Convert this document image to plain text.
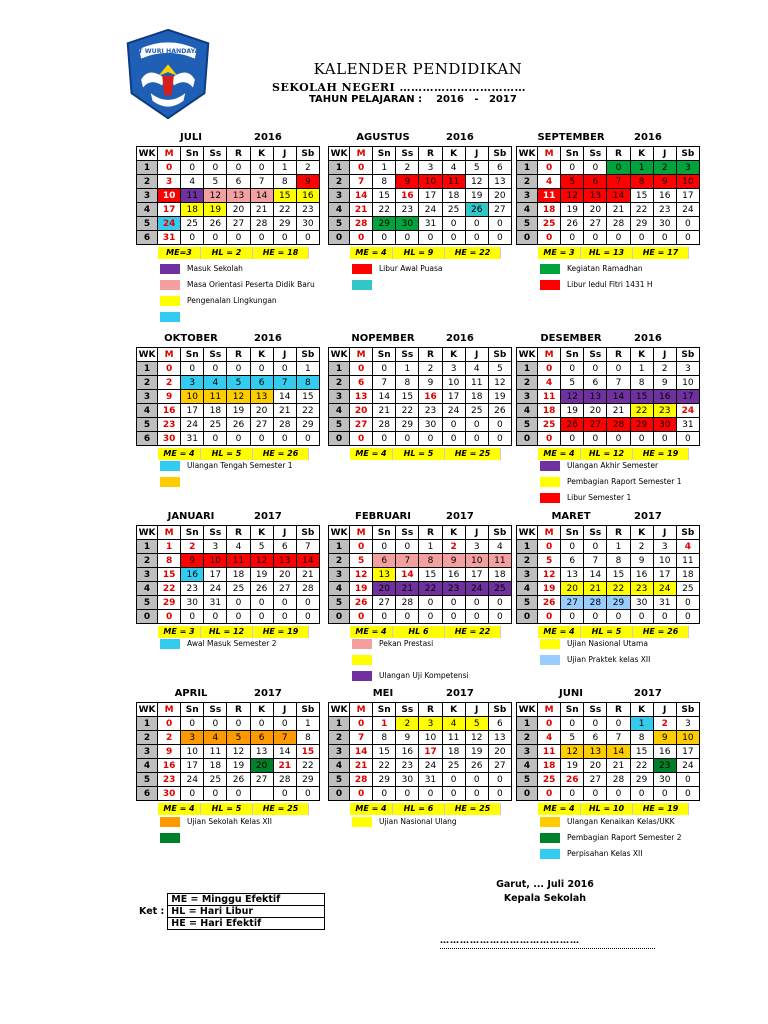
TUT WURI HANDAYANI
KALENDER PENDIDIKAN
SEKOLAH NEGERI ……………………………
TAHUN PELAJARAN :    2016   -   2017
JULI	2016
WK	M	Sn	Ss	R	K	J	Sb
1	0	0	0	0	0	1	2
2	3	4	5	6	7	8	9
3	10	11	12	13	14	15	16
4	17	18	19	20	21	22	23
5	24	25	26	27	28	29	30
6	31	0	0	0	0	0	0
ME=3	HL = 2	HE = 18
Masuk Sekolah
Masa Orientasi Peserta Didik Baru
Pengenalan Lingkungan
AGUSTUS	2016
WK	M	Sn	Ss	R	K	J	Sb
1	0	1	2	3	4	5	6
2	7	8	9	10	11	12	13
3	14	15	16	17	18	19	20
4	21	22	23	24	25	26	27
5	28	29	30	31	0	0	0
0	0	0	0	0	0	0	0
ME = 4	HL = 9	HE = 22
Libur Awal Puasa
SEPTEMBER	2016
WK	M	Sn	Ss	R	K	J	Sb
1	0	0	0	0	1	2	3
2	4	5	6	7	8	9	10
3	11	12	13	14	15	16	17
4	18	19	20	21	22	23	24
5	25	26	27	28	29	30	0
0	0	0	0	0	0	0	0
ME = 3	HL = 13	HE = 17
Kegiatan Ramadhan
Libur Iedul Fitri 1431 H
OKTOBER	2016
WK	M	Sn	Ss	R	K	J	Sb
1	0	0	0	0	0	0	1
2	2	3	4	5	6	7	8
3	9	10	11	12	13	14	15
4	16	17	18	19	20	21	22
5	23	24	25	26	27	28	29
6	30	31	0	0	0	0	0
ME = 4	HL = 5	HE = 26
Ulangan Tengah Semester 1
NOPEMBER	2016
WK	M	Sn	Ss	R	K	J	Sb
1	0	0	1	2	3	4	5
2	6	7	8	9	10	11	12
3	13	14	15	16	17	18	19
4	20	21	22	23	24	25	26
5	27	28	29	30	0	0	0
0	0	0	0	0	0	0	0
ME = 4	HL = 5	HE = 25
DESEMBER	2016
WK	M	Sn	Ss	R	K	J	Sb
1	0	0	0	0	1	2	3
2	4	5	6	7	8	9	10
3	11	12	13	14	15	16	17
4	18	19	20	21	22	23	24
5	25	26	27	28	29	30	31
0	0	0	0	0	0	0	0
ME = 4	HL = 12	HE = 19
Ulangan Akhir Semester
Pembagian Raport Semester 1
Libur Semester 1
JANUARI	2017
WK	M	Sn	Ss	R	K	J	Sb
1	1	2	3	4	5	6	7
2	8	9	10	11	12	13	14
3	15	16	17	18	19	20	21
4	22	23	24	25	26	27	28
5	29	30	31	0	0	0	0
0	0	0	0	0	0	0	0
ME = 3	HL = 12	HE = 19
Awal Masuk Semester 2
FEBRUARI	2017
WK	M	Sn	Ss	R	K	J	Sb
1	0	0	0	1	2	3	4
2	5	6	7	8	9	10	11
3	12	13	14	15	16	17	18
4	19	20	21	22	23	24	25
5	26	27	28	0	0	0	0
0	0	0	0	0	0	0	0
ME = 4	HL 6	HE = 22
Pekan Prestasi
Ulangan Uji Kompetensi
MARET	2017
WK	M	Sn	Ss	R	K	J	Sb
1	0	0	0	1	2	3	4
2	5	6	7	8	9	10	11
3	12	13	14	15	16	17	18
4	19	20	21	22	23	24	25
5	26	27	28	29	30	31	0
0	0	0	0	0	0	0	0
ME = 4	HL = 5	HE = 26
Ujian Nasional Utama
Ujian Praktek kelas XII
APRIL	2017
WK	M	Sn	Ss	R	K	J	Sb
1	0	0	0	0	0	0	1
2	2	3	4	5	6	7	8
3	9	10	11	12	13	14	15
4	16	17	18	19	20	21	22
5	23	24	25	26	27	28	29
6	30	0	0	0		0	0
ME = 4	HL = 5	HE = 25
Ujian Sekolah Kelas XII
MEI	2017
WK	M	Sn	Ss	R	K	J	Sb
1	0	1	2	3	4	5	6
2	7	8	9	10	11	12	13
3	14	15	16	17	18	19	20
4	21	22	23	24	25	26	27
5	28	29	30	31	0	0	0
0	0	0	0	0	0	0	0
ME = 4	HL = 6	HE = 25
Ujian Nasional Ulang
JUNI	2017
WK	M	Sn	Ss	R	K	J	Sb
1	0	0	0	0	1	2	3
2	4	5	6	7	8	9	10
3	11	12	13	14	15	16	17
4	18	19	20	21	22	23	24
5	25	26	27	28	29	30	0
0	0	0	0	0	0	0	0
ME = 4	HL = 10	HE = 19
Ulangan Kenaikan Kelas/UKK
Pembagian Raport Semester 2
Perpisahan Kelas XII
Ket :	ME = Minggu Efektif
HL = Hari Libur
HE = Hari Efektif
Garut, ... Juli 2016
Kepala Sekolah
……………………………………
